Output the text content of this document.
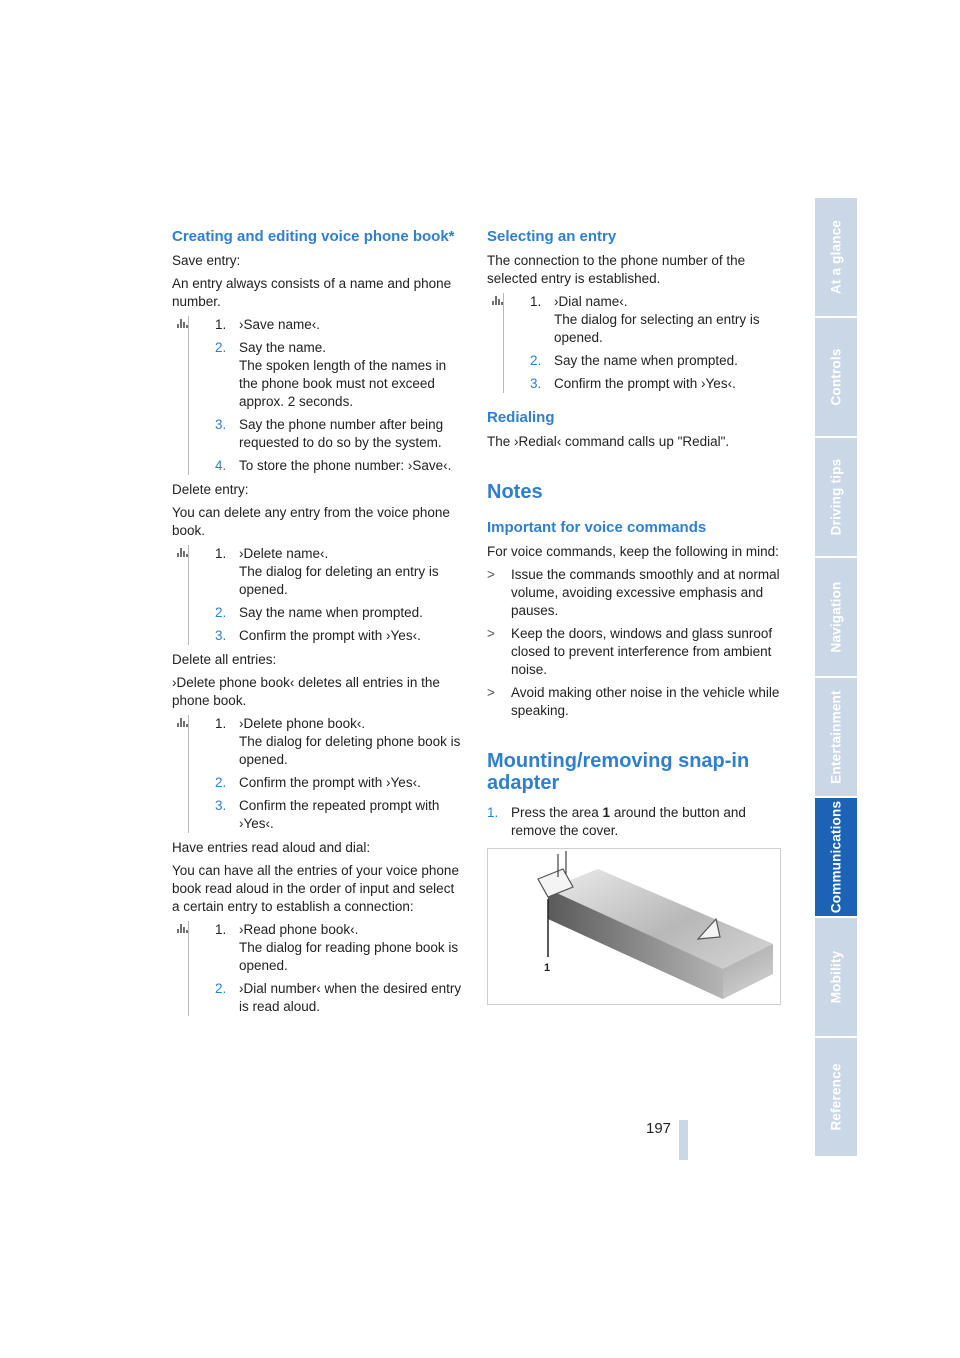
At a glance
Controls
Driving tips
Navigation
Entertainment
Communications
Mobility
Reference
Creating and editing voice phone book*

Save entry:

An entry always consists of a name and phone number.

1. ›Save name‹.
2. Say the name.
The spoken length of the names in the phone book must not exceed approx. 2 seconds.
3. Say the phone number after being requested to do so by the system.
4. To store the phone number: ›Save‹.

Delete entry:

You can delete any entry from the voice phone book.

1. ›Delete name‹.
The dialog for deleting an entry is opened.
2. Say the name when prompted.
3. Confirm the prompt with ›Yes‹.

Delete all entries:

›Delete phone book‹ deletes all entries in the phone book.

1. ›Delete phone book‹.
The dialog for deleting phone book is opened.
2. Confirm the prompt with ›Yes‹.
3. Confirm the repeated prompt with ›Yes‹.

Have entries read aloud and dial:

You can have all the entries of your voice phone book read aloud in the order of input and select a certain entry to establish a connection:

1. ›Read phone book‹.
The dialog for reading phone book is opened.
2. ›Dial number‹ when the desired entry is read aloud.
Selecting an entry

The connection to the phone number of the selected entry is established.

1. ›Dial name‹.
The dialog for selecting an entry is opened.
2. Say the name when prompted.
3. Confirm the prompt with ›Yes‹.
Redialing

The ›Redial‹ command calls up "Redial".

Notes
Important for voice commands

For voice commands, keep the following in mind:

>	Issue the commands smoothly and at normal volume, avoiding excessive emphasis and pauses.
>	Keep the doors, windows and glass sunroof closed to prevent interference from ambient noise.
>	Avoid making other noise in the vehicle while speaking.
Mounting/removing snap-in adapter
1. Press the area 1 around the button and remove the cover.
1
197
